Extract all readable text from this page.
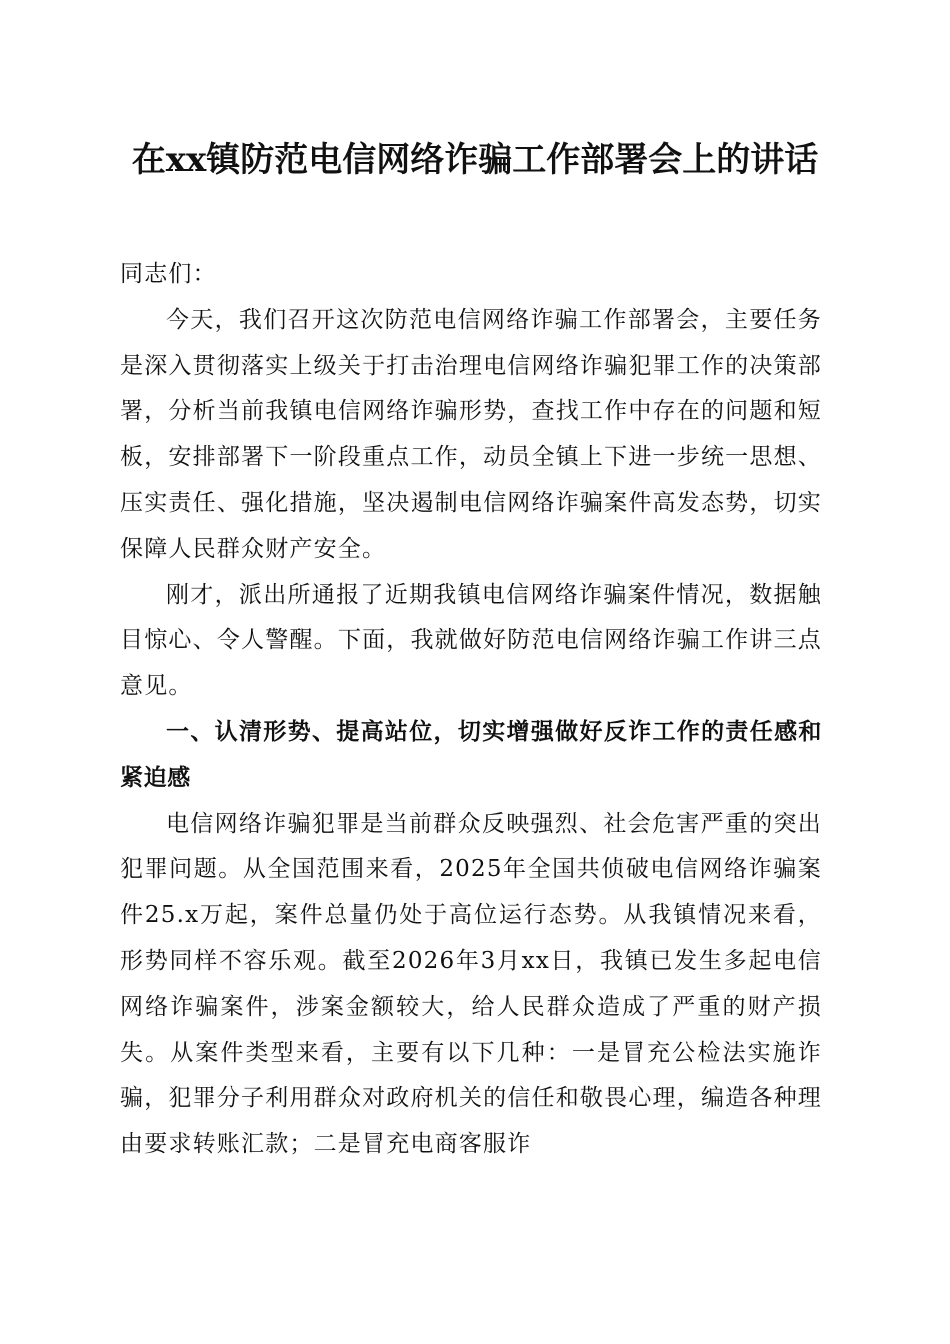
在xx镇防范电信网络诈骗工作部署会上的讲话

同志们：

今天，我们召开这次防范电信网络诈骗工作部署会，主要任务是深入贯彻落实上级关于打击治理电信网络诈骗犯罪工作的决策部署，分析当前我镇电信网络诈骗形势，查找工作中存在的问题和短板，安排部署下一阶段重点工作，动员全镇上下进一步统一思想、压实责任、强化措施，坚决遏制电信网络诈骗案件高发态势，切实保障人民群众财产安全。

刚才，派出所通报了近期我镇电信网络诈骗案件情况，数据触目惊心、令人警醒。下面，我就做好防范电信网络诈骗工作讲三点意见。

一、认清形势、提高站位，切实增强做好反诈工作的责任感和紧迫感

电信网络诈骗犯罪是当前群众反映强烈、社会危害严重的突出犯罪问题。从全国范围来看，2025年全国共侦破电信网络诈骗案件25.x万起，案件总量仍处于高位运行态势。从我镇情况来看，形势同样不容乐观。截至2026年3月xx日，我镇已发生多起电信网络诈骗案件，涉案金额较大，给人民群众造成了严重的财产损失。从案件类型来看，主要有以下几种：一是冒充公检法实施诈骗，犯罪分子利用群众对政府机关的信任和敬畏心理，编造各种理由要求转账汇款；二是冒充电商客服诈
